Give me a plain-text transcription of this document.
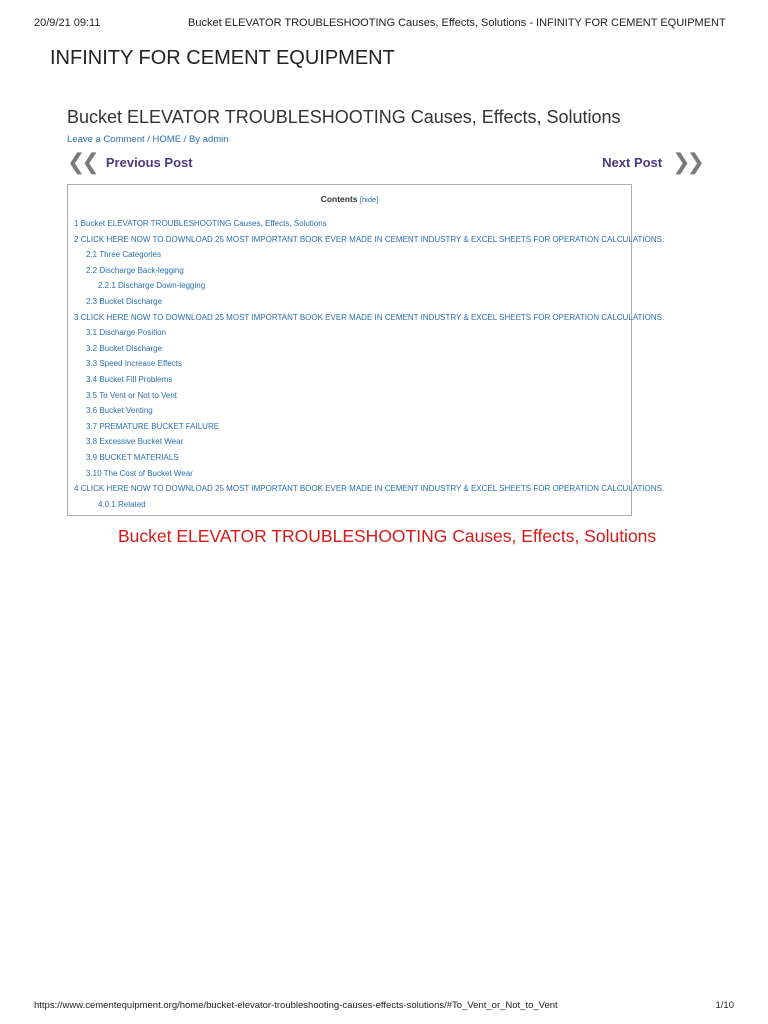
20/9/21 09:11	Bucket ELEVATOR TROUBLESHOOTING Causes, Effects, Solutions - INFINITY FOR CEMENT EQUIPMENT
INFINITY FOR CEMENT EQUIPMENT
Bucket ELEVATOR TROUBLESHOOTING Causes, Effects, Solutions
Leave a Comment / HOME / By admin
❮❮ Previous Post	Next Post ❯❯
Contents [hide]
1 Bucket ELEVATOR TROUBLESHOOTING Causes, Effects, Solutions
2 CLICK HERE NOW TO DOWNLOAD 25 MOST IMPORTANT BOOK EVER MADE IN CEMENT INDUSTRY & EXCEL SHEETS FOR OPERATION CALCULATIONS.
2.1 Three Categories
2.2 Discharge Back-legging
2.2.1 Discharge Down-legging
2.3 Bucket Discharge
3 CLICK HERE NOW TO DOWNLOAD 25 MOST IMPORTANT BOOK EVER MADE IN CEMENT INDUSTRY & EXCEL SHEETS FOR OPERATION CALCULATIONS.
3.1 Discharge Position
3.2 Bucket Discharge
3.3 Speed Increase Effects
3.4 Bucket Fill Problems
3.5 To Vent or Not to Vent
3.6 Bucket Venting
3.7 PREMATURE BUCKET FAILURE
3.8 Excessive Bucket Wear
3.9 BUCKET MATERIALS
3.10 The Cost of Bucket Wear
4 CLICK HERE NOW TO DOWNLOAD 25 MOST IMPORTANT BOOK EVER MADE IN CEMENT INDUSTRY & EXCEL SHEETS FOR OPERATION CALCULATIONS.
4.0.1 Related
Bucket ELEVATOR TROUBLESHOOTING Causes, Effects, Solutions
https://www.cementequipment.org/home/bucket-elevator-troubleshooting-causes-effects-solutions/#To_Vent_or_Not_to_Vent	1/10
